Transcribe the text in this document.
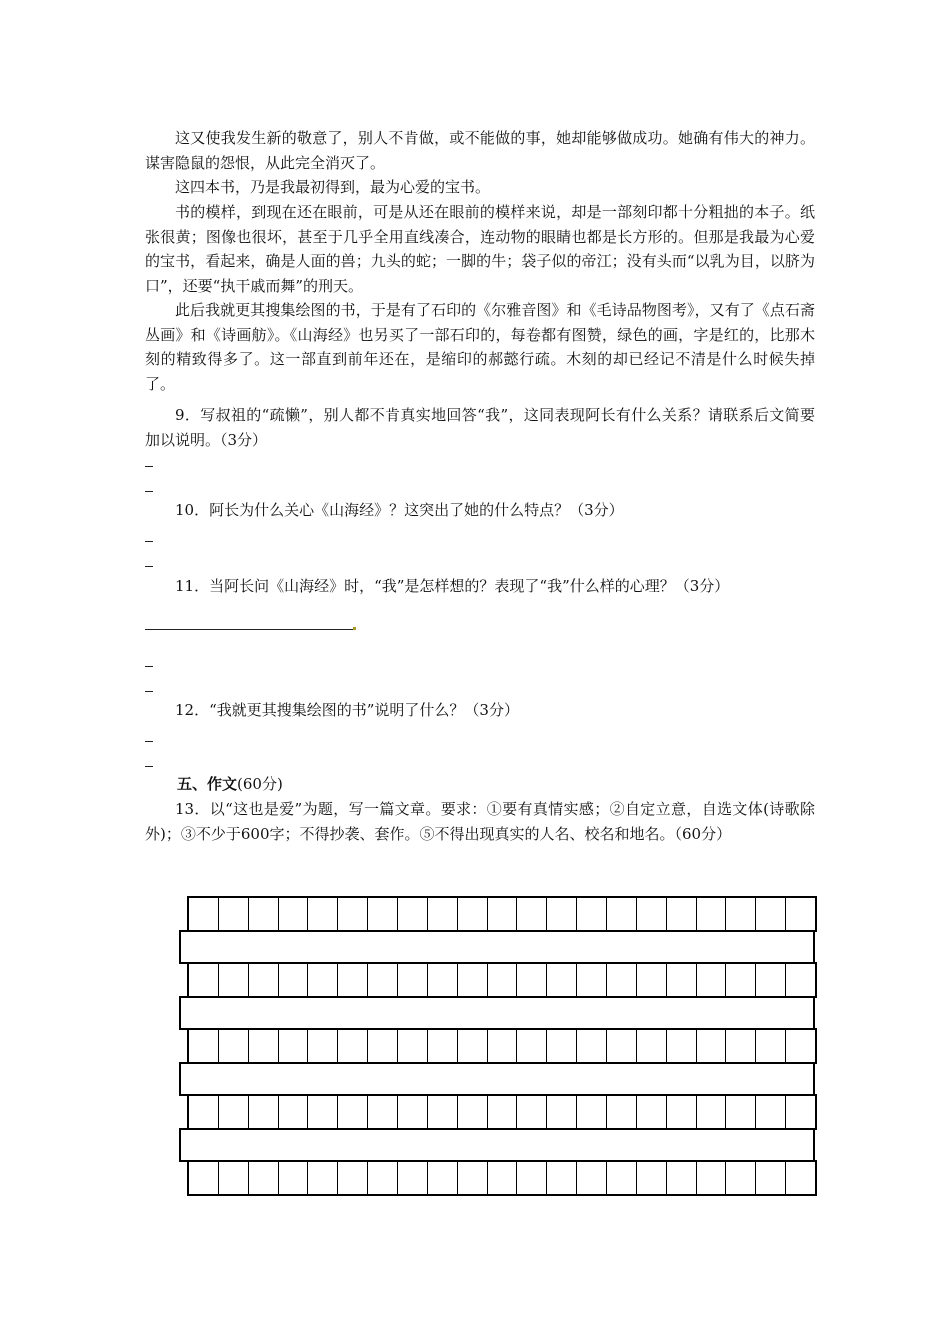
这又使我发生新的敬意了，别人不肯做，或不能做的事，她却能够做成功。她确有伟大的神力。谋害隐鼠的怨恨，从此完全消灭了。

这四本书，乃是我最初得到，最为心爱的宝书。

书的模样，到现在还在眼前，可是从还在眼前的模样来说，却是一部刻印都十分粗拙的本子。纸张很黄；图像也很坏，甚至于几乎全用直线凑合，连动物的眼睛也都是长方形的。但那是我最为心爱的宝书，看起来，确是人面的兽；九头的蛇；一脚的牛；袋子似的帝江；没有头而“以乳为目，以脐为口”，还要“执干戚而舞”的刑天。

此后我就更其搜集绘图的书，于是有了石印的《尔雅音图》和《毛诗品物图考》，又有了《点石斋丛画》和《诗画舫》。《山海经》也另买了一部石印的，每卷都有图赞，绿色的画，字是红的，比那木刻的精致得多了。这一部直到前年还在，是缩印的郝懿行疏。木刻的却已经记不清是什么时候失掉了。

9．写叔祖的“疏懒”，别人都不肯真实地回答“我”，这同表现阿长有什么关系？请联系后文简要加以说明。（3分）

10．阿长为什么关心《山海经》？这突出了她的什么特点？（3分）

11．当阿长问《山海经》时，“我”是怎样想的？表现了“我”什么样的心理？（3分）

12．“我就更其搜集绘图的书”说明了什么？（3分）

五、作文(60分)

13．以“这也是爱”为题，写一篇文章。要求：①要有真情实感；②自定立意，自选文体(诗歌除外)；③不少于600字；不得抄袭、套作。⑤不得出现真实的人名、校名和地名。（60分）
